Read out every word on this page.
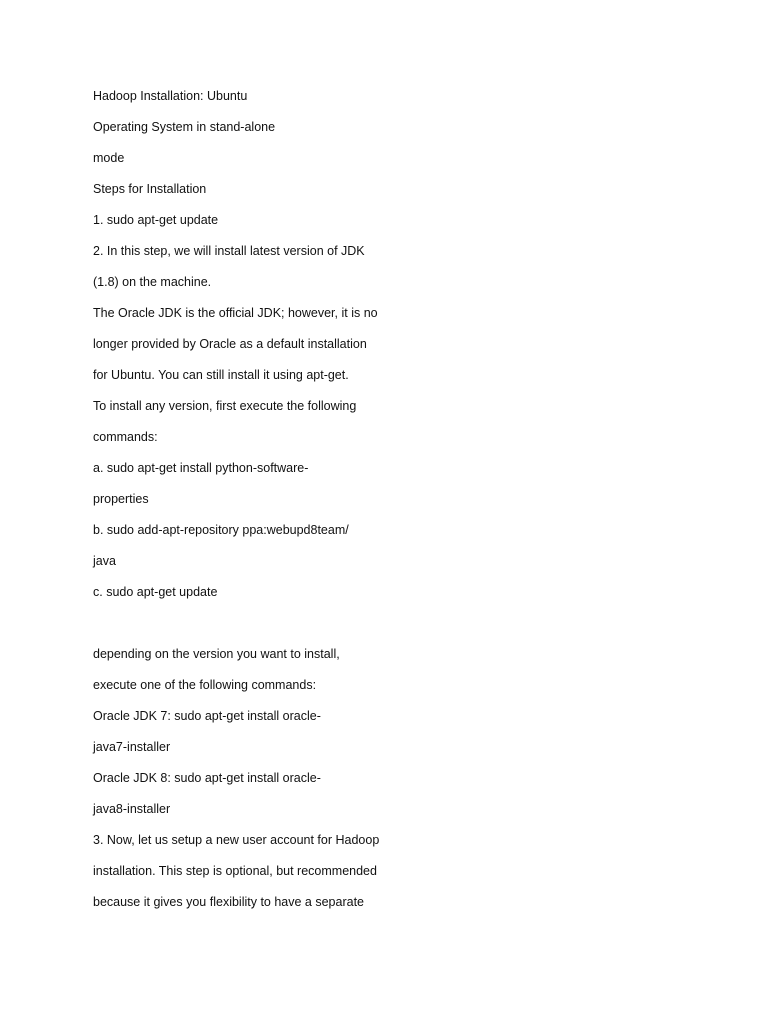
Hadoop Installation: Ubuntu
Operating System in stand-alone
mode
Steps for Installation
1. sudo apt-get update
2. In this step, we will install latest version of JDK
(1.8) on the machine.
The Oracle JDK is the official JDK; however, it is no
longer provided by Oracle as a default installation
for Ubuntu. You can still install it using apt-get.
To install any version, first execute the following
commands:
a. sudo apt-get install python-software-
properties
b. sudo add-apt-repository ppa:webupd8team/
java
c. sudo apt-get update
depending on the version you want to install,
execute one of the following commands:
Oracle JDK 7: sudo apt-get install oracle-
java7-installer
Oracle JDK 8: sudo apt-get install oracle-
java8-installer
3. Now, let us setup a new user account for Hadoop
installation. This step is optional, but recommended
because it gives you flexibility to have a separate
